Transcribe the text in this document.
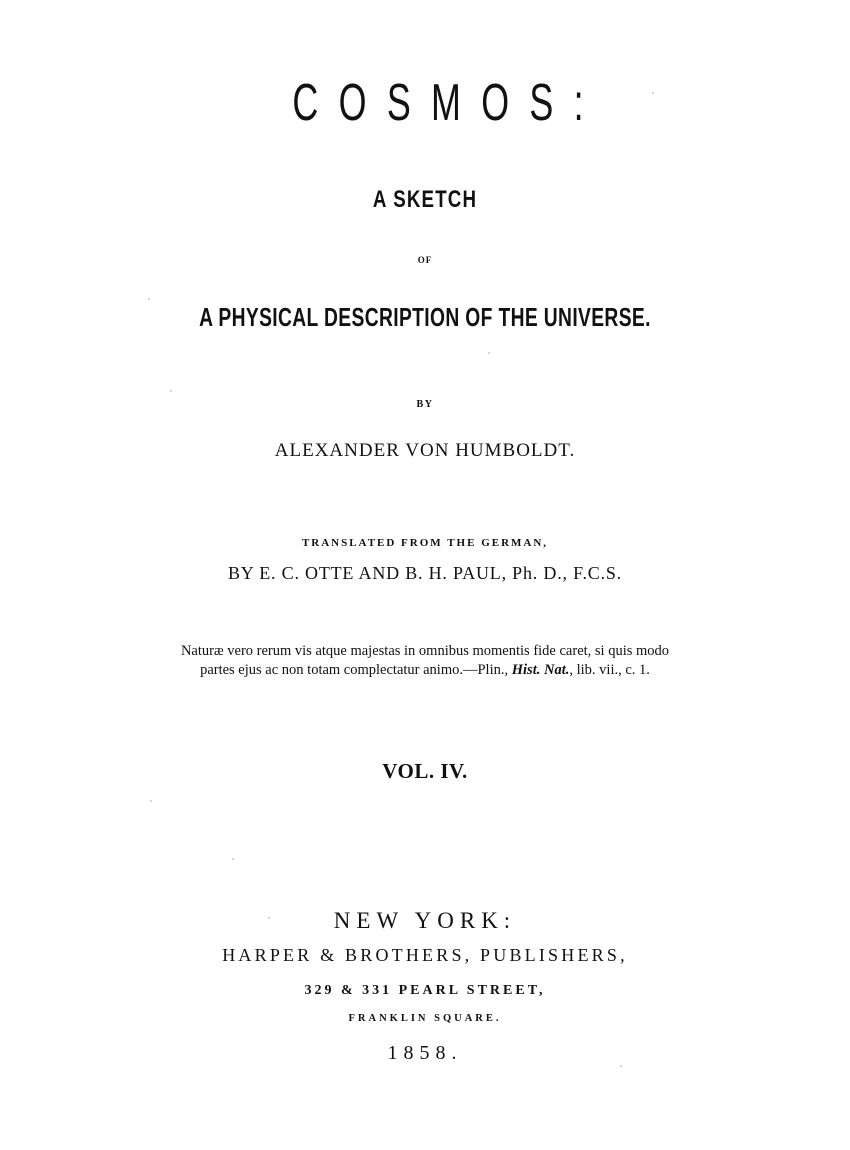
COSMOS:
A SKETCH
OF
A PHYSICAL DESCRIPTION OF THE UNIVERSE.
BY
ALEXANDER VON HUMBOLDT.
TRANSLATED FROM THE GERMAN,
BY E. C. OTTE AND B. H. PAUL, Ph. D., F.C.S.
Naturæ vero rerum vis atque majestas in omnibus momentis fide caret, si quis modo
partes ejus ac non totam complectatur animo.—Plin., Hist. Nat., lib. vii., c. 1.
VOL. IV.
NEW YORK:
HARPER & BROTHERS, PUBLISHERS,
329 & 331 PEARL STREET,
FRANKLIN SQUARE.
1858.
